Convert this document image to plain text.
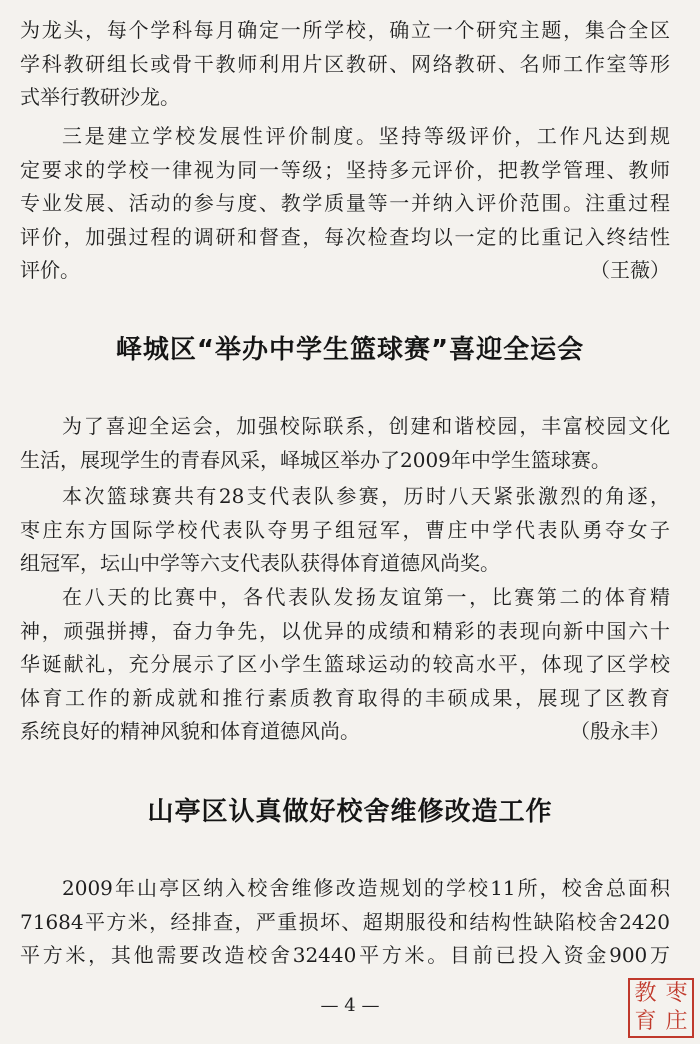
为龙头，每个学科每月确定一所学校，确立一个研究主题，集合全区
学科教研组长或骨干教师利用片区教研、网络教研、名师工作室等形
式举行教研沙龙。
三是建立学校发展性评价制度。坚持等级评价，工作凡达到规
定要求的学校一律视为同一等级；坚持多元评价，把教学管理、教师
专业发展、活动的参与度、教学质量等一并纳入评价范围。注重过程
评价，加强过程的调研和督查，每次检查均以一定的比重记入终结性
评价。	（王薇）
峄城区“举办中学生篮球赛”喜迎全运会
为了喜迎全运会，加强校际联系，创建和谐校园，丰富校园文化
生活，展现学生的青春风采，峄城区举办了2009年中学生篮球赛。
本次篮球赛共有28支代表队参赛，历时八天紧张激烈的角逐，
枣庄东方国际学校代表队夺男子组冠军，曹庄中学代表队勇夺女子
组冠军，坛山中学等六支代表队获得体育道德风尚奖。
在八天的比赛中，各代表队发扬友谊第一，比赛第二的体育精
神，顽强拼搏，奋力争先，以优异的成绩和精彩的表现向新中国六十
华诞献礼，充分展示了区小学生篮球运动的较高水平，体现了区学校
体育工作的新成就和推行素质教育取得的丰硕成果，展现了区教育
系统良好的精神风貌和体育道德风尚。	（殷永丰）
山亭区认真做好校舍维修改造工作
2009年山亭区纳入校舍维修改造规划的学校11所，校舍总面积
71684平方米，经排查，严重损坏、超期服役和结构性缺陷校舍2420
平方米，其他需要改造校舍32440平方米。目前已投入资金900万
— 4 —	教 枣
育 庄
